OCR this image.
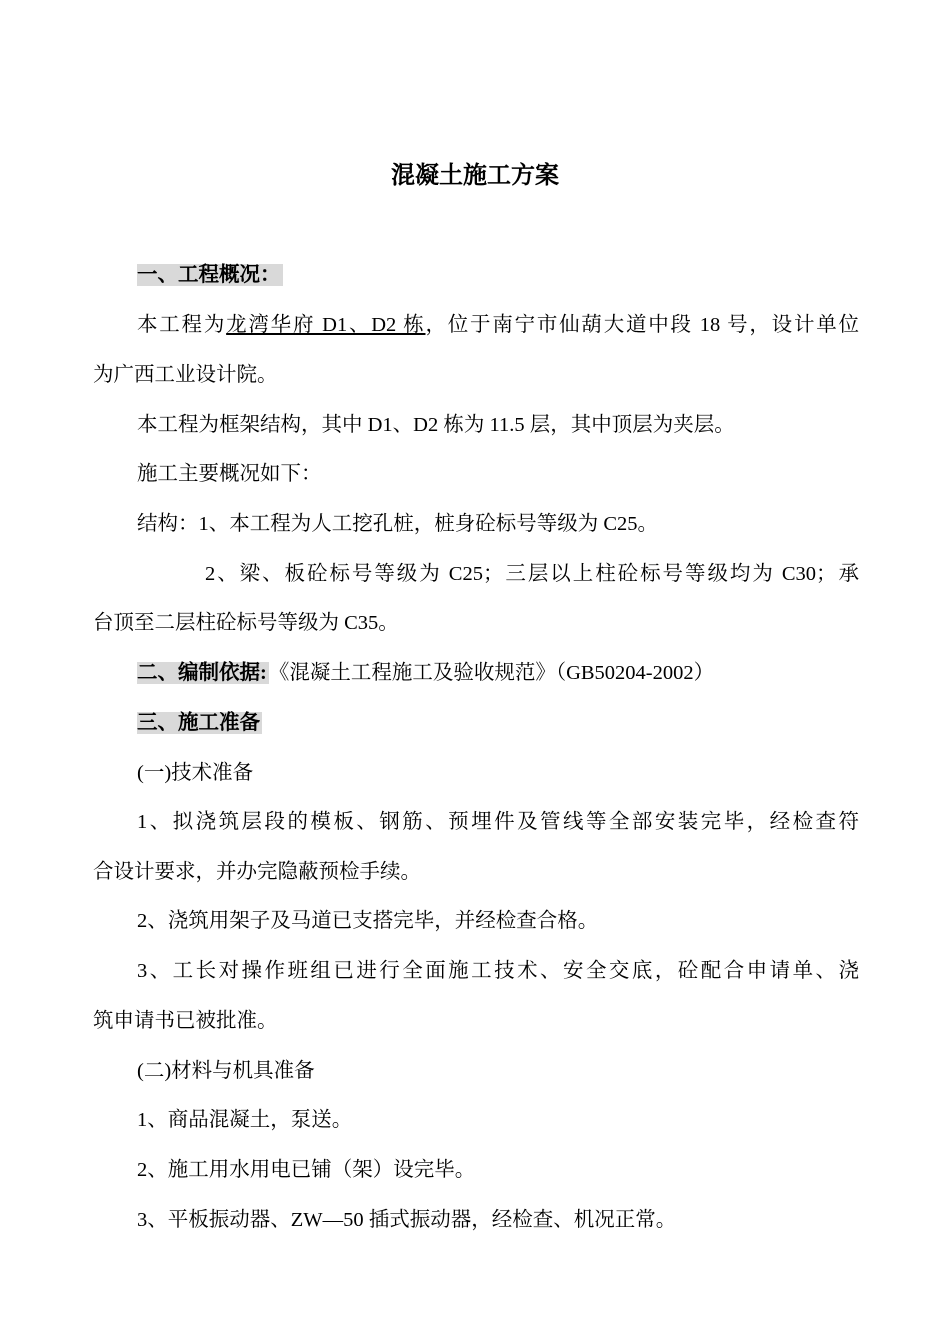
混凝土施工方案
一、工程概况：
本工程为龙湾华府 D1、D2 栋，位于南宁市仙葫大道中段 18 号，设计单位
为广西工业设计院。
本工程为框架结构，其中 D1、D2 栋为 11.5 层，其中顶层为夹层。
施工主要概况如下：
结构：1、本工程为人工挖孔桩，桩身砼标号等级为 C25。
2、梁、板砼标号等级为 C25；三层以上柱砼标号等级均为 C30；承
台顶至二层柱砼标号等级为 C35。
二、编制依据:《混凝土工程施工及验收规范》（GB50204-2002）
三、施工准备
(一)技术准备
1、拟浇筑层段的模板、钢筋、预埋件及管线等全部安装完毕，经检查符
合设计要求，并办完隐蔽预检手续。
2、浇筑用架子及马道已支搭完毕，并经检查合格。
3、工长对操作班组已进行全面施工技术、安全交底，砼配合申请单、浇
筑申请书已被批准。
(二)材料与机具准备
1、商品混凝土，泵送。
2、施工用水用电已铺（架）设完毕。
3、平板振动器、ZW—50 插式振动器，经检查、机况正常。
